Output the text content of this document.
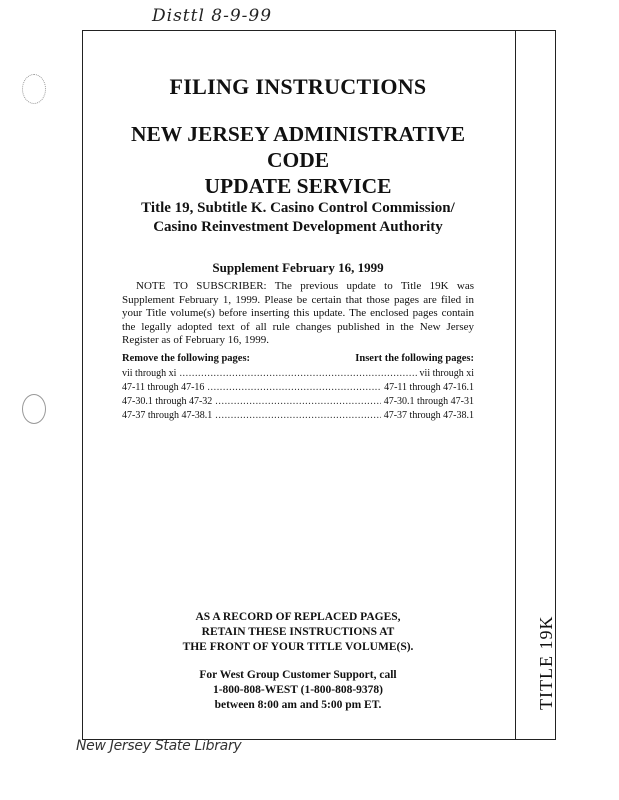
Disttl 8-9-99
TITLE 19K
FILING INSTRUCTIONS
NEW JERSEY ADMINISTRATIVE CODE
UPDATE SERVICE
Title 19, Subtitle K. Casino Control Commission/
Casino Reinvestment Development Authority
Supplement February 16, 1999

NOTE TO SUBSCRIBER: The previous update to Title 19K was Supplement February 1, 1999. Please be certain that those pages are filed in your Title volume(s) before inserting this update. The enclosed pages contain the legally adopted text of all rule changes published in the New Jersey Register as of February 16, 1999.

Remove the following pages:	Insert the following pages:
vii through xi .....	vii through xi
47-11 through 47-16 .....	47-11 through 47-16.1
47-30.1 through 47-32 .....	47-30.1 through 47-31
47-37 through 47-38.1 .....	47-37 through 47-38.1
AS A RECORD OF REPLACED PAGES,
RETAIN THESE INSTRUCTIONS AT
THE FRONT OF YOUR TITLE VOLUME(S).
For West Group Customer Support, call
1-800-808-WEST (1-800-808-9378)
between 8:00 am and 5:00 pm ET.
New Jersey State Library
